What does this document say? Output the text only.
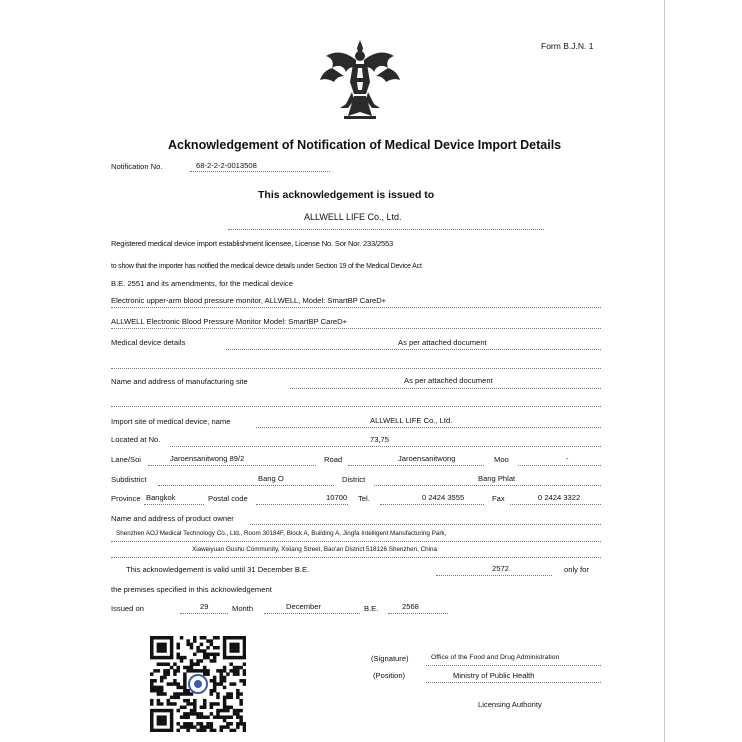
Form B.J.N. 1
Acknowledgement of Notification of Medical Device Import Details
Notification No.	68-2-2-2-0013508
This acknowledgement is issued to
ALLWELL LIFE Co., Ltd.
Registered medical device import establishment licensee, License No. Sor Nor. 233/2553
to show that the importer has notified the medical device details under Section 19 of the Medical Device Act
B.E. 2551 and its amendments, for the medical device
Electronic upper-arm blood pressure monitor, ALLWELL, Model: SmartBP CareD+
ALLWELL Electronic Blood Pressure Monitor Model: SmartBP CareD+
Medical device details	As per attached document
Name and address of manufacturing site	As per attached document
Import site of medical device, name	ALLWELL LIFE Co., Ltd.
Located at No.	73,75
Lane/Soi	Jaroensanitwong 89/2	Road	Jaroensanitwong	Moo	-
Subdistrict	Bang O	District	Bang Phlat
Province Bangkok	Postal code	10700 Tel.	0 2424 3555	Fax	0 2424 3322
Name and address of product owner
Shenzhen AOJ Medical Technology Co., Ltd., Room 30184F, Block A, Building A, Jingfa Intelligent Manufacturing Park,
Xiaweiyuan Gushu Community, Xixiang Street, Bao'an District 518126 Shenzhen, China
This acknowledgement is valid until 31 December B.E.	2572	only for
the premises specified in this acknowledgement
Issued on	29	Month	December	B.E.	2568
(Signature)	Office of the Food and Drug Administration
(Position)	Ministry of Public Health
Licensing Authority
